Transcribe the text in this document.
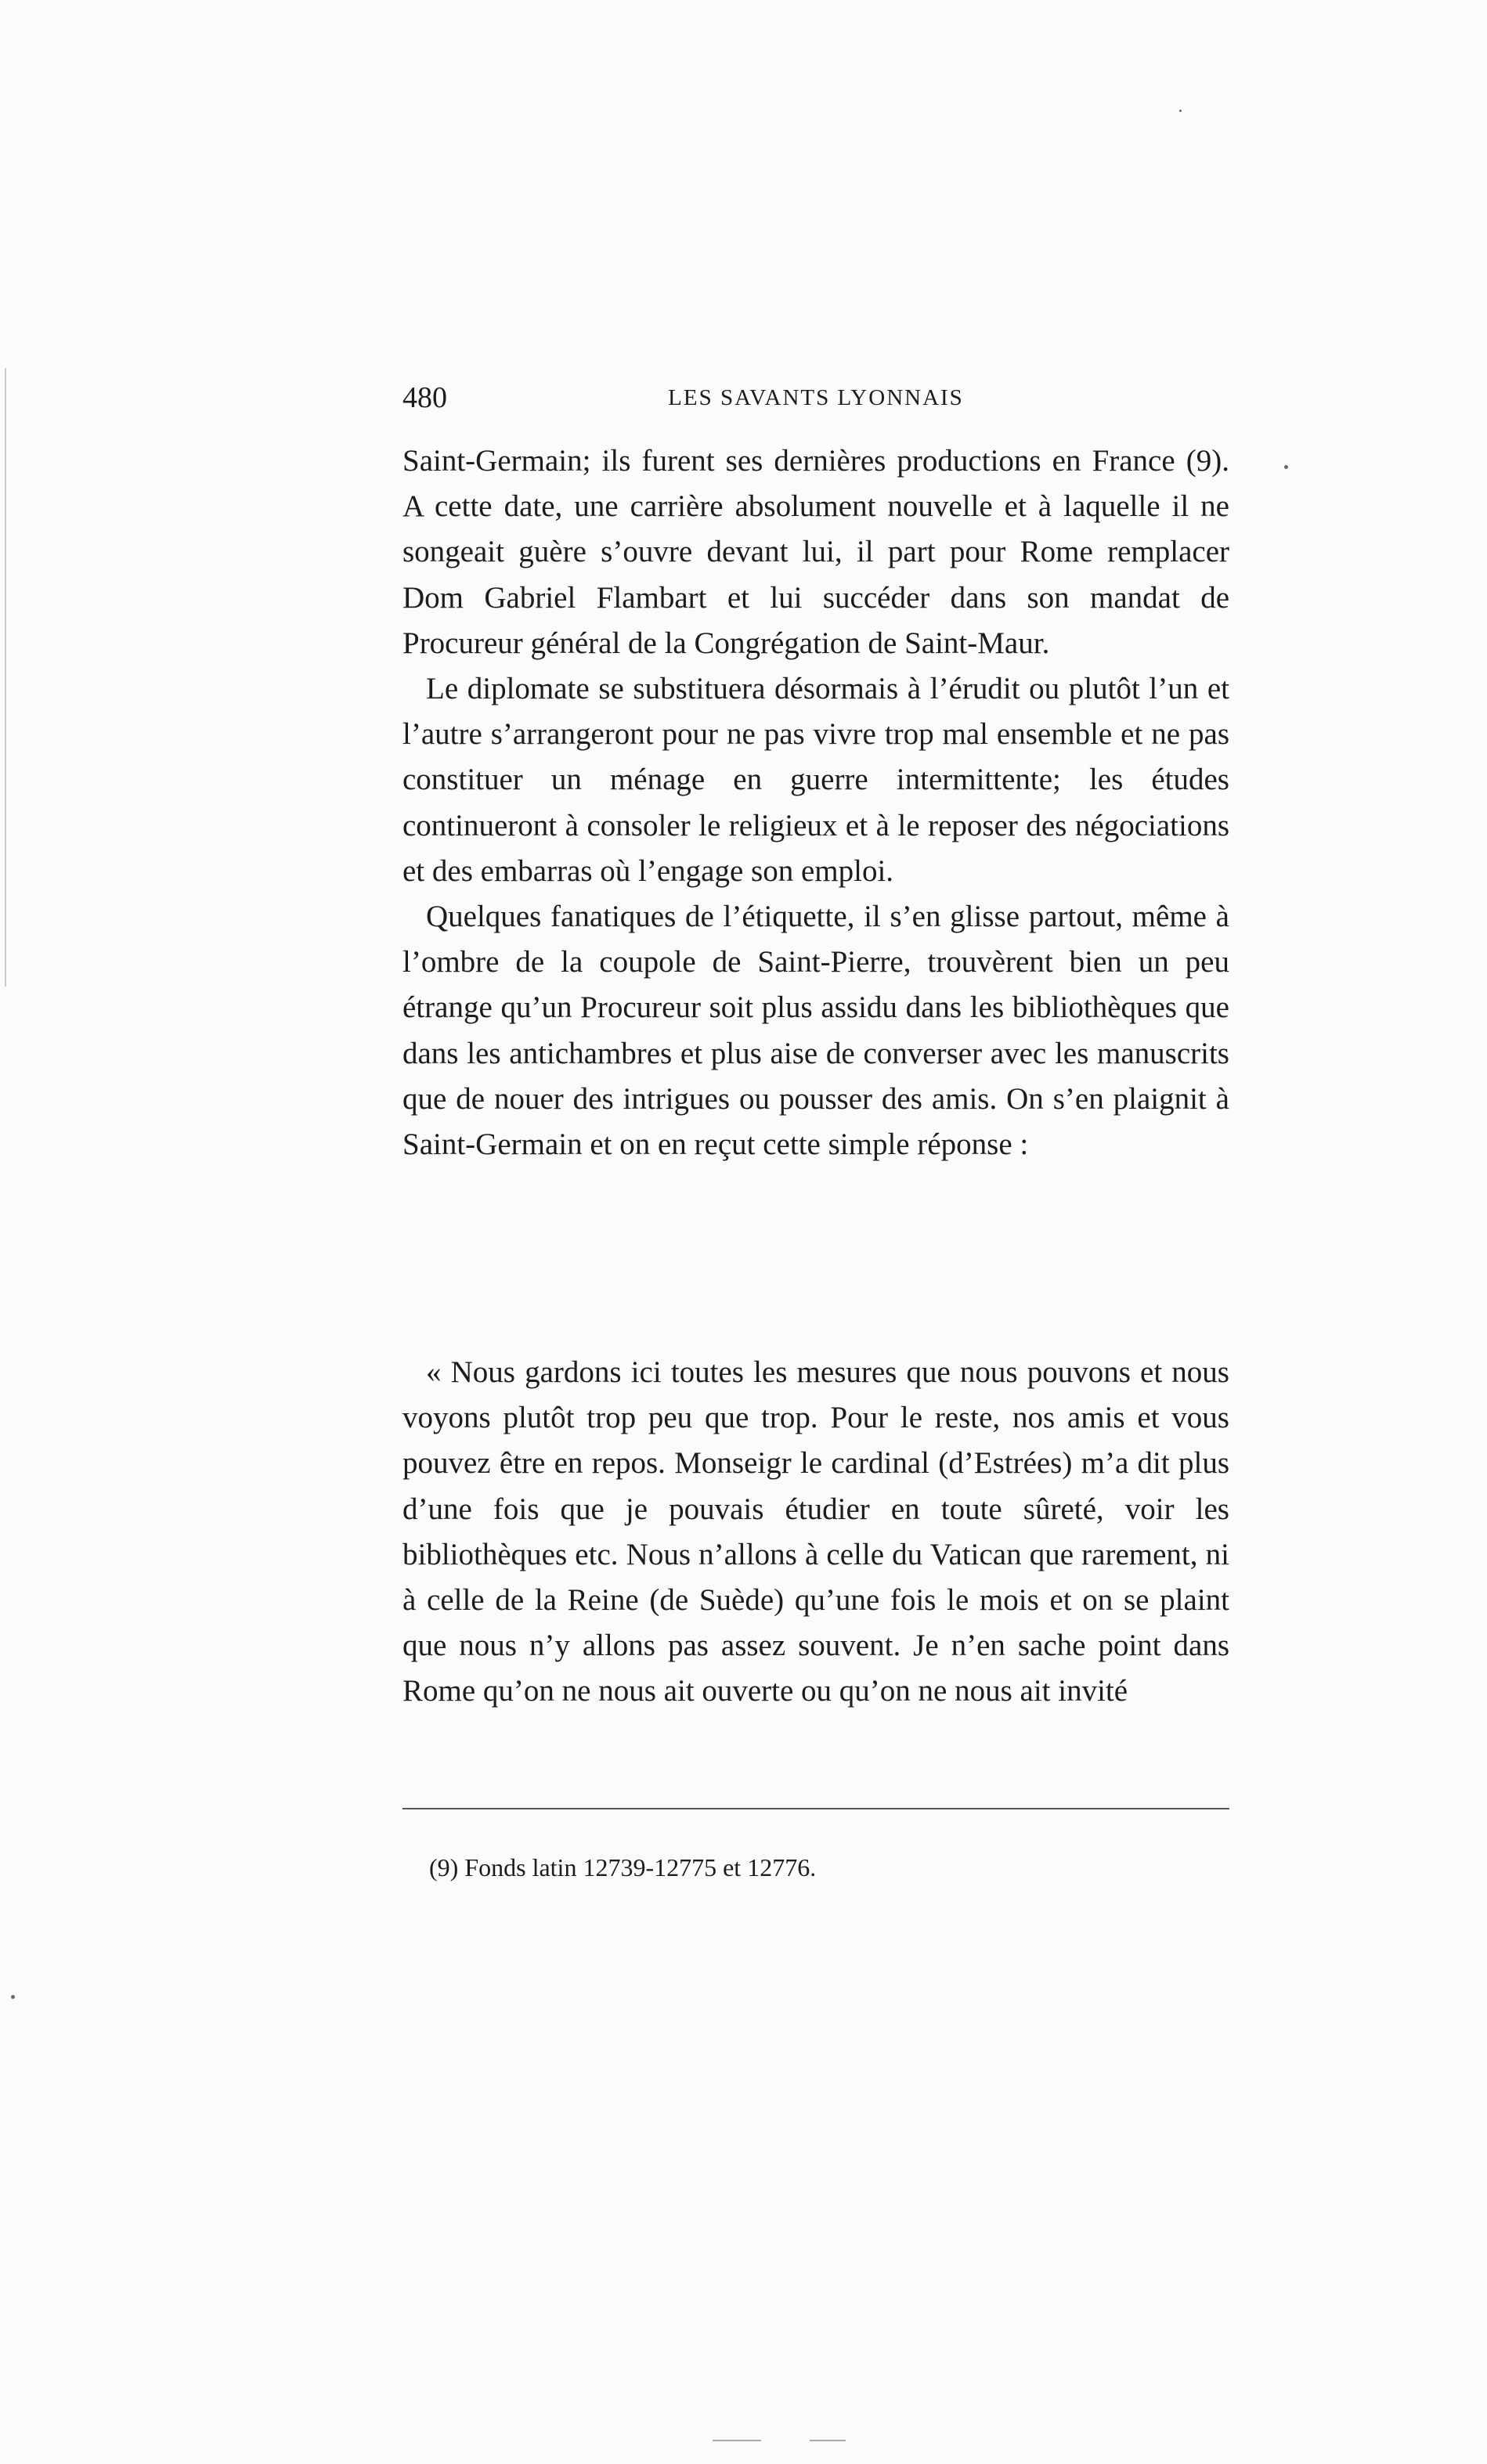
480	LES SAVANTS LYONNAIS

Saint-Germain; ils furent ses dernières productions en France (9). A cette date, une carrière absolument nouvelle et à laquelle il ne songeait guère s’ouvre devant lui, il part pour Rome remplacer Dom Gabriel Flambart et lui succéder dans son mandat de Procureur général de la Congrégation de Saint-Maur.

Le diplomate se substituera désormais à l’érudit ou plutôt l’un et l’autre s’arrangeront pour ne pas vivre trop mal ensemble et ne pas constituer un ménage en guerre intermittente; les études continueront à consoler le religieux et à le reposer des négociations et des embarras où l’engage son emploi.

Quelques fanatiques de l’étiquette, il s’en glisse partout, même à l’ombre de la coupole de Saint-Pierre, trouvèrent bien un peu étrange qu’un Procureur soit plus assidu dans les bibliothèques que dans les antichambres et plus aise de converser avec les manuscrits que de nouer des intrigues ou pousser des amis. On s’en plaignit à Saint-Germain et on en reçut cette simple réponse :

« Nous gardons ici toutes les mesures que nous pouvons et nous voyons plutôt trop peu que trop. Pour le reste, nos amis et vous pouvez être en repos. Monseigr le cardinal (d’Estrées) m’a dit plus d’une fois que je pouvais étudier en toute sûreté, voir les bibliothèques etc. Nous n’allons à celle du Vatican que rarement, ni à celle de la Reine (de Suède) qu’une fois le mois et on se plaint que nous n’y allons pas assez souvent. Je n’en sache point dans Rome qu’on ne nous ait ouverte ou qu’on ne nous ait invité

(9) Fonds latin 12739-12775 et 12776.
